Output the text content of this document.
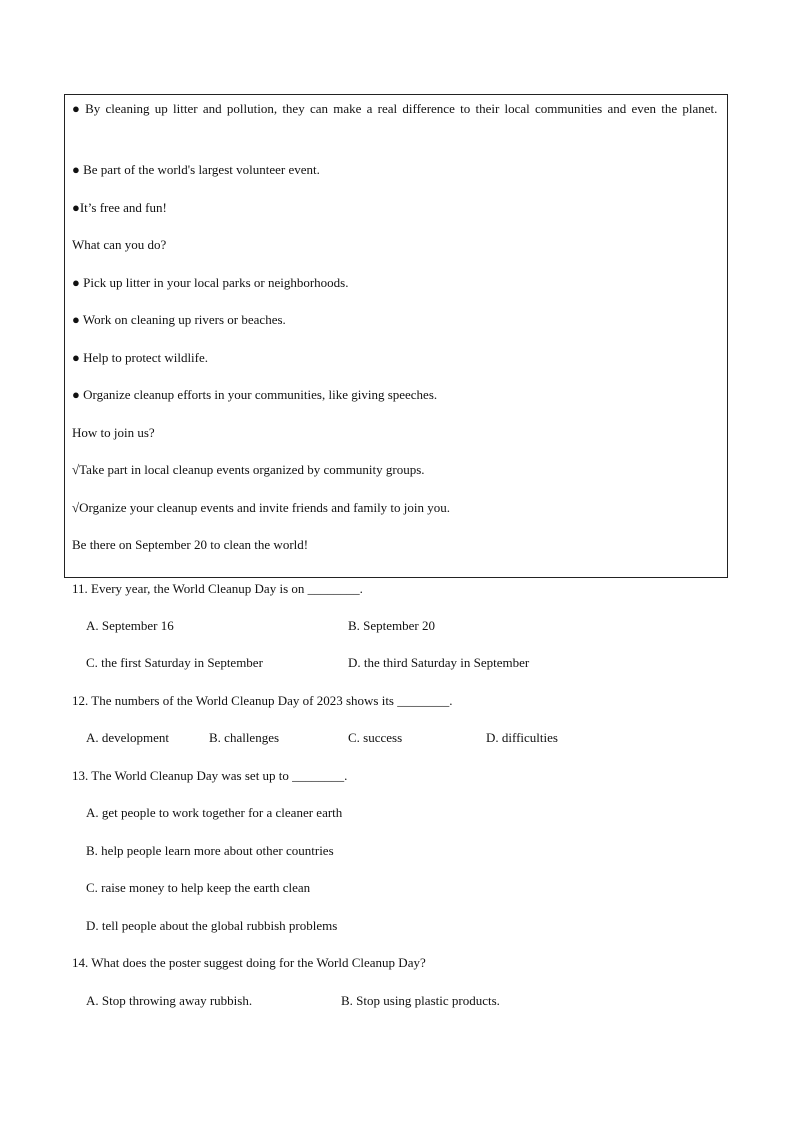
● By cleaning up litter and pollution, they can make a real difference to their local communities and even the planet.
● Be part of the world's largest volunteer event.
●It’s free and fun!
What can you do?
● Pick up litter in your local parks or neighborhoods.
● Work on cleaning up rivers or beaches.
● Help to protect wildlife.
● Organize cleanup efforts in your communities, like giving speeches.
How to join us?
√Take part in local cleanup events organized by community groups.
√Organize your cleanup events and invite friends and family to join you.
Be there on September 20 to clean the world!
11. Every year, the World Cleanup Day is on ________.
A. September 16	B. September 20
C. the first Saturday in September	D. the third Saturday in September
12. The numbers of the World Cleanup Day of 2023 shows its ________.
A. development	B. challenges	C. success	D. difficulties
13. The World Cleanup Day was set up to ________.
A. get people to work together for a cleaner earth
B. help people learn more about other countries
C. raise money to help keep the earth clean
D. tell people about the global rubbish problems
14. What does the poster suggest doing for the World Cleanup Day?
A. Stop throwing away rubbish.	B. Stop using plastic products.
